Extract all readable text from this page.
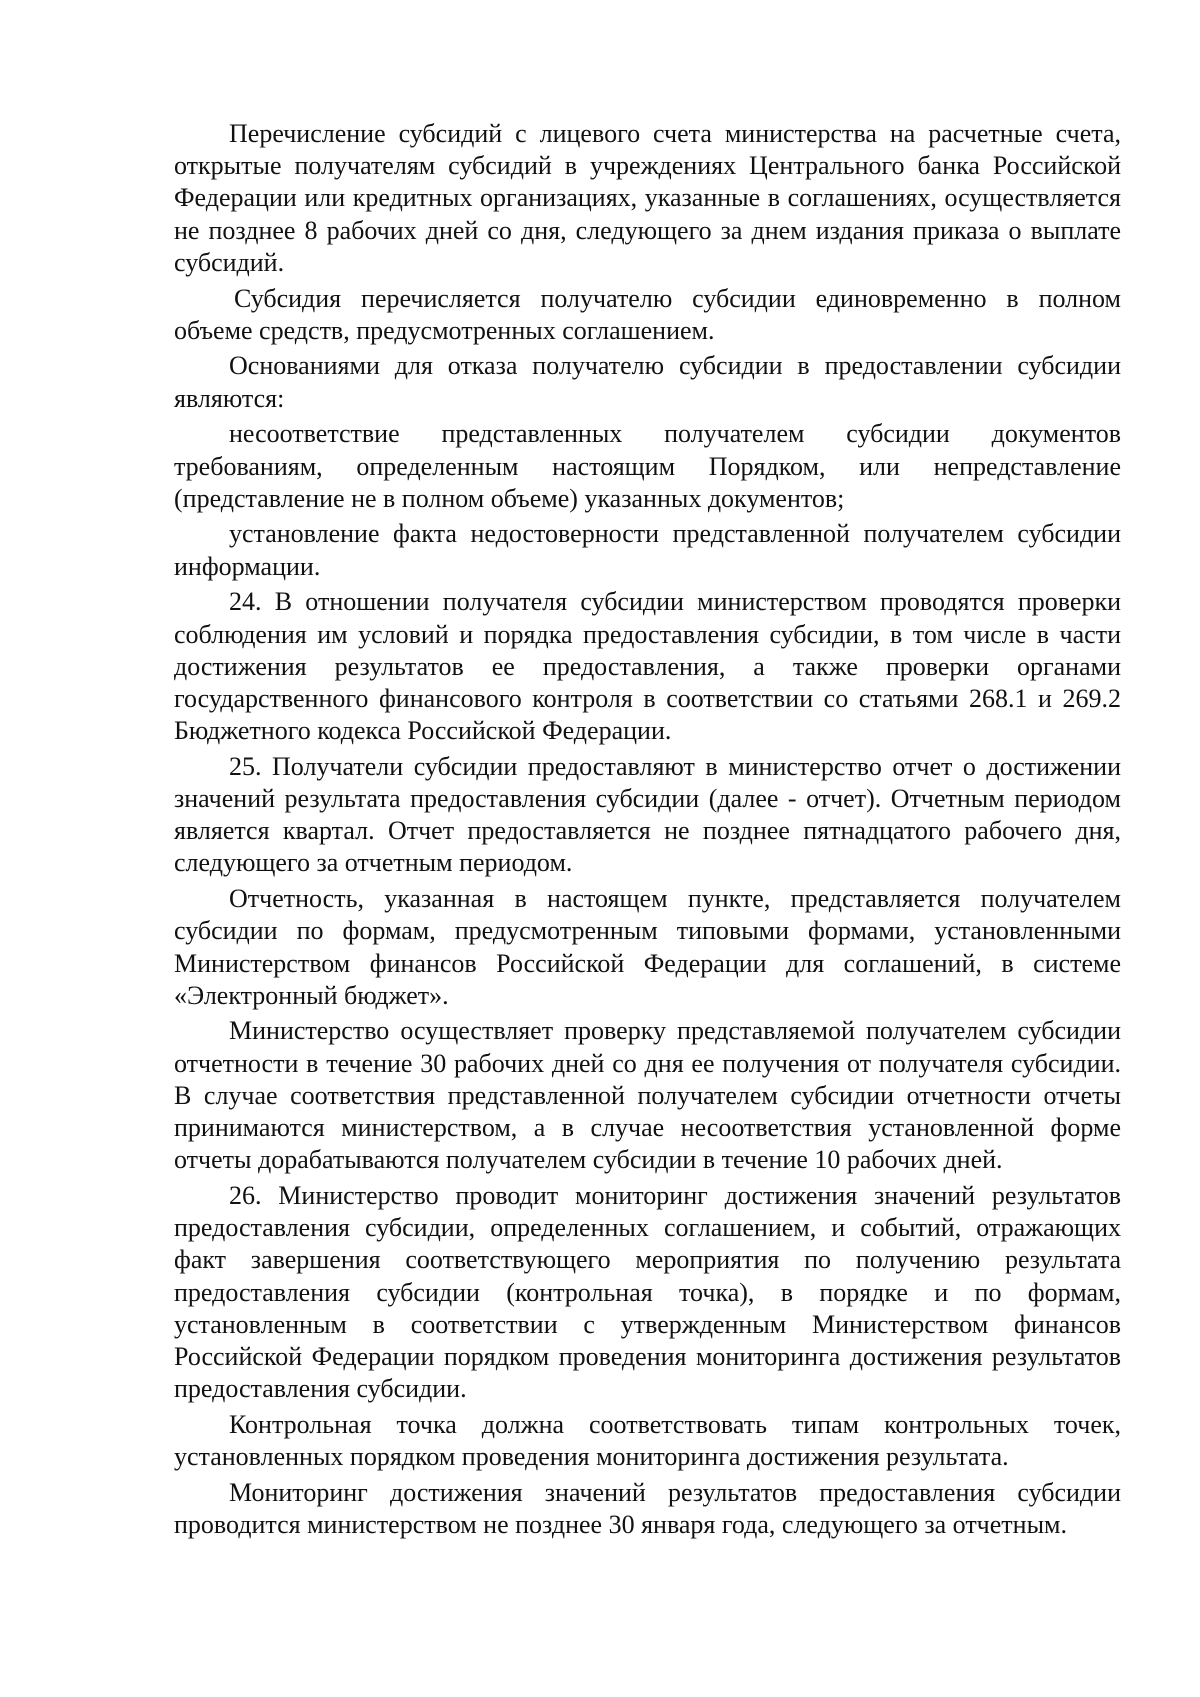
Перечисление субсидий с лицевого счета министерства на расчетные счета, открытые получателям субсидий в учреждениях Центрального банка Российской Федерации или кредитных организациях, указанные в соглашениях, осуществляется не позднее 8 рабочих дней со дня, следующего за днем издания приказа о выплате субсидий.

Субсидия перечисляется получателю субсидии единовременно в полном объеме средств, предусмотренных соглашением.

Основаниями для отказа получателю субсидии в предоставлении субсидии являются:

несоответствие представленных получателем субсидии документов требованиям, определенным настоящим Порядком, или непредставление (представление не в полном объеме) указанных документов;

установление факта недостоверности представленной получателем субсидии информации.

24. В отношении получателя субсидии министерством проводятся проверки соблюдения им условий и порядка предоставления субсидии, в том числе в части достижения результатов ее предоставления, а также проверки органами государственного финансового контроля в соответствии со статьями 268.1 и 269.2 Бюджетного кодекса Российской Федерации.

25. Получатели субсидии предоставляют в министерство отчет о достижении значений результата предоставления субсидии (далее - отчет). Отчетным периодом является квартал. Отчет предоставляется не позднее пятнадцатого рабочего дня, следующего за отчетным периодом.

Отчетность, указанная в настоящем пункте, представляется получателем субсидии по формам, предусмотренным типовыми формами, установленными Министерством финансов Российской Федерации для соглашений, в системе «Электронный бюджет».

Министерство осуществляет проверку представляемой получателем субсидии отчетности в течение 30 рабочих дней со дня ее получения от получателя субсидии. В случае соответствия представленной получателем субсидии отчетности отчеты принимаются министерством, а в случае несоответствия установленной форме отчеты дорабатываются получателем субсидии в течение 10 рабочих дней.

26. Министерство проводит мониторинг достижения значений результатов предоставления субсидии, определенных соглашением, и событий, отражающих факт завершения соответствующего мероприятия по получению результата предоставления субсидии (контрольная точка), в порядке и по формам, установленным в соответствии с утвержденным Министерством финансов Российской Федерации порядком проведения мониторинга достижения результатов предоставления субсидии.

Контрольная точка должна соответствовать типам контрольных точек, установленных порядком проведения мониторинга достижения результата.

Мониторинг достижения значений результатов предоставления субсидии проводится министерством не позднее 30 января года, следующего за отчетным.
